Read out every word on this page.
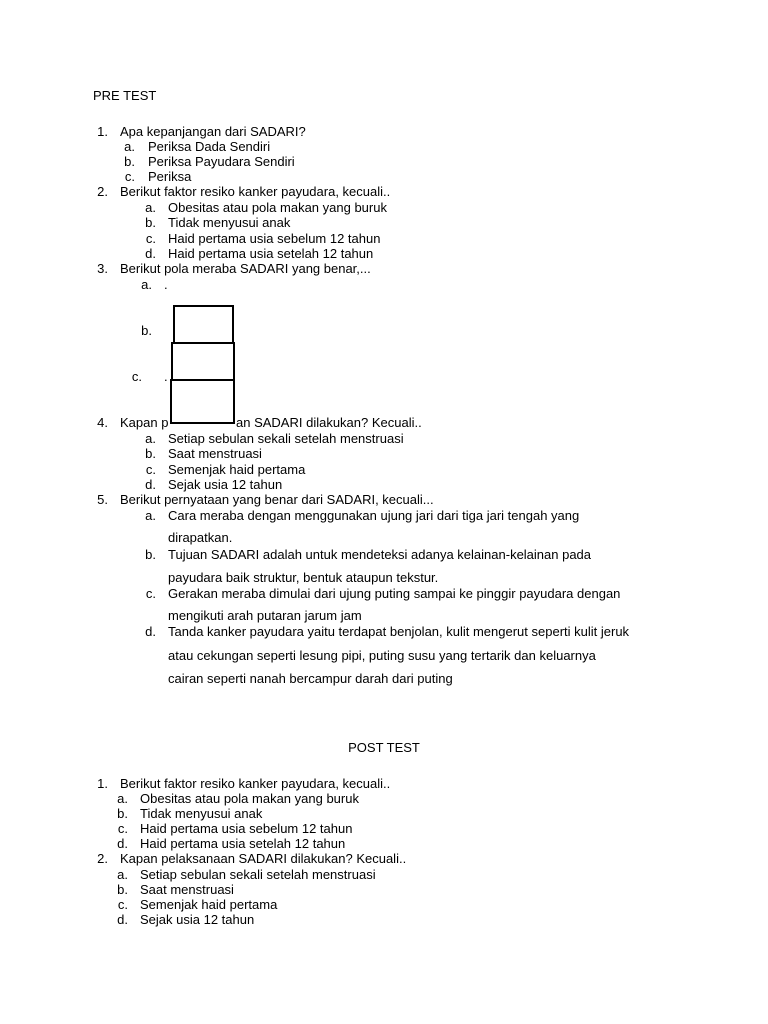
PRE TEST
1. Apa kepanjangan dari SADARI?
a. Periksa Dada Sendiri
b. Periksa Payudara Sendiri
c. Periksa
2. Berikut faktor resiko kanker payudara, kecuali..
a. Obesitas atau pola makan yang buruk
b. Tidak menyusui anak
c. Haid pertama usia sebelum 12 tahun
d. Haid pertama usia setelah 12 tahun
3. Berikut pola meraba SADARI yang benar,...
a. .
b.
c. .
4. Kapan p	an SADARI dilakukan? Kecuali..
a. Setiap sebulan sekali setelah menstruasi
b. Saat menstruasi
c. Semenjak haid pertama
d. Sejak usia 12 tahun
5. Berikut pernyataan yang benar dari SADARI, kecuali...
a. Cara meraba dengan menggunakan ujung jari dari tiga jari tengah yang
dirapatkan.
b. Tujuan SADARI adalah untuk mendeteksi adanya kelainan-kelainan pada
payudara baik struktur, bentuk ataupun tekstur.
c. Gerakan meraba dimulai dari ujung puting sampai ke pinggir payudara dengan
mengikuti arah putaran jarum jam
d. Tanda kanker payudara yaitu terdapat benjolan, kulit mengerut seperti kulit jeruk
atau cekungan seperti lesung pipi, puting susu yang tertarik dan keluarnya
cairan seperti nanah bercampur darah dari puting
POST TEST
1. Berikut faktor resiko kanker payudara, kecuali..
a. Obesitas atau pola makan yang buruk
b. Tidak menyusui anak
c. Haid pertama usia sebelum 12 tahun
d. Haid pertama usia setelah 12 tahun
2. Kapan pelaksanaan SADARI dilakukan? Kecuali..
a. Setiap sebulan sekali setelah menstruasi
b. Saat menstruasi
c. Semenjak haid pertama
d. Sejak usia 12 tahun
